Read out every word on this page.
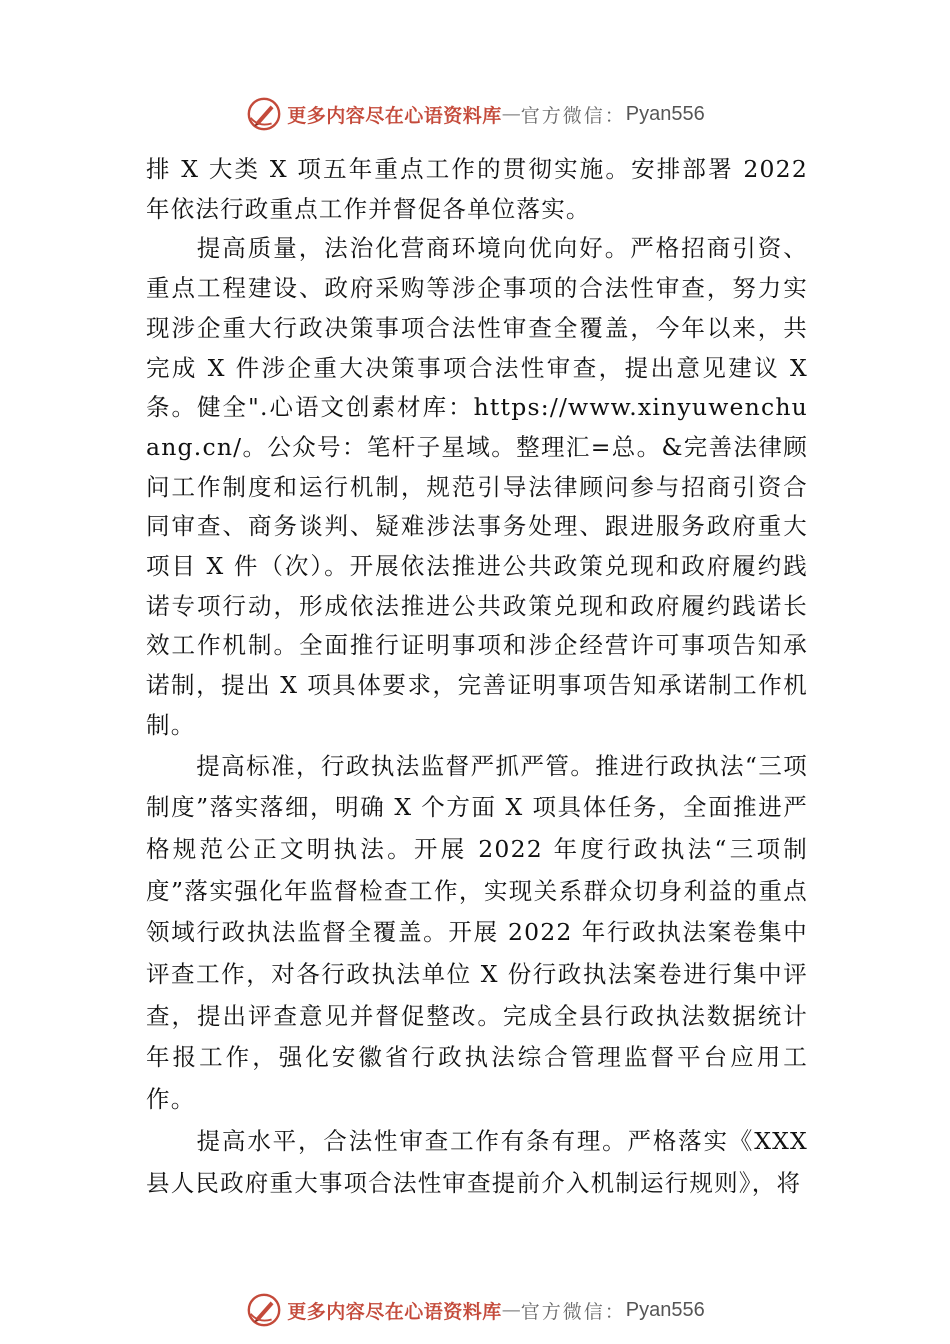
更多内容尽在心语资料库 — 官方微信： Pyan556

排 X 大类 X 项五年重点工作的贯彻实施。安排部署 2022 年依法行政重点工作并督促各单位落实。

提高质量，法治化营商环境向优向好。严格招商引资、重点工程建设、政府采购等涉企事项的合法性审查，努力实现涉企重大行政决策事项合法性审查全覆盖，今年以来，共完成 X 件涉企重大决策事项合法性审查，提出意见建议 X 条。健全".心语文创素材库：https://www.xinyuwenchuang.cn/。公众号：笔杆子星域。整理汇=总。&完善法律顾问工作制度和运行机制，规范引导法律顾问参与招商引资合同审查、商务谈判、疑难涉法事务处理、跟进服务政府重大项目 X 件（次）。开展依法推进公共政策兑现和政府履约践诺专项行动，形成依法推进公共政策兑现和政府履约践诺长效工作机制。全面推行证明事项和涉企经营许可事项告知承诺制，提出 X 项具体要求，完善证明事项告知承诺制工作机制。

提高标准，行政执法监督严抓严管。推进行政执法“三项制度”落实落细，明确 X 个方面 X 项具体任务，全面推进严格规范公正文明执法。开展 2022 年度行政执法“三项制度”落实强化年监督检查工作，实现关系群众切身利益的重点领域行政执法监督全覆盖。开展 2022 年行政执法案卷集中评查工作，对各行政执法单位 X 份行政执法案卷进行集中评查，提出评查意见并督促整改。完成全县行政执法数据统计年报工作，强化安徽省行政执法综合管理监督平台应用工作。

提高水平，合法性审查工作有条有理。严格落实《XXX 县人民政府重大事项合法性审查提前介入机制运行规则》，将

更多内容尽在心语资料库 — 官方微信： Pyan556
